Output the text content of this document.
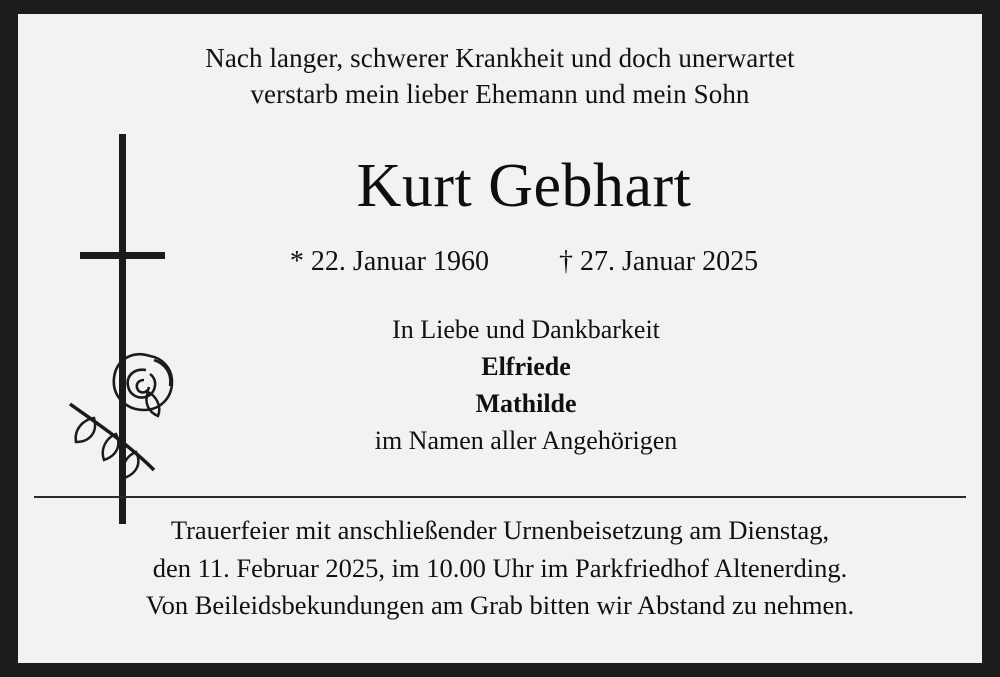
Nach langer, schwerer Krankheit und doch unerwartet
verstarb mein lieber Ehemann und mein Sohn
Kurt Gebhart
* 22. Januar 1960	† 27. Januar 2025
In Liebe und Dankbarkeit
Elfriede
Mathilde
im Namen aller Angehörigen
Trauerfeier mit anschließender Urnenbeisetzung am Dienstag,
den 11. Februar 2025, im 10.00 Uhr im Parkfriedhof Altenerding.
Von Beileidsbekundungen am Grab bitten wir Abstand zu nehmen.
